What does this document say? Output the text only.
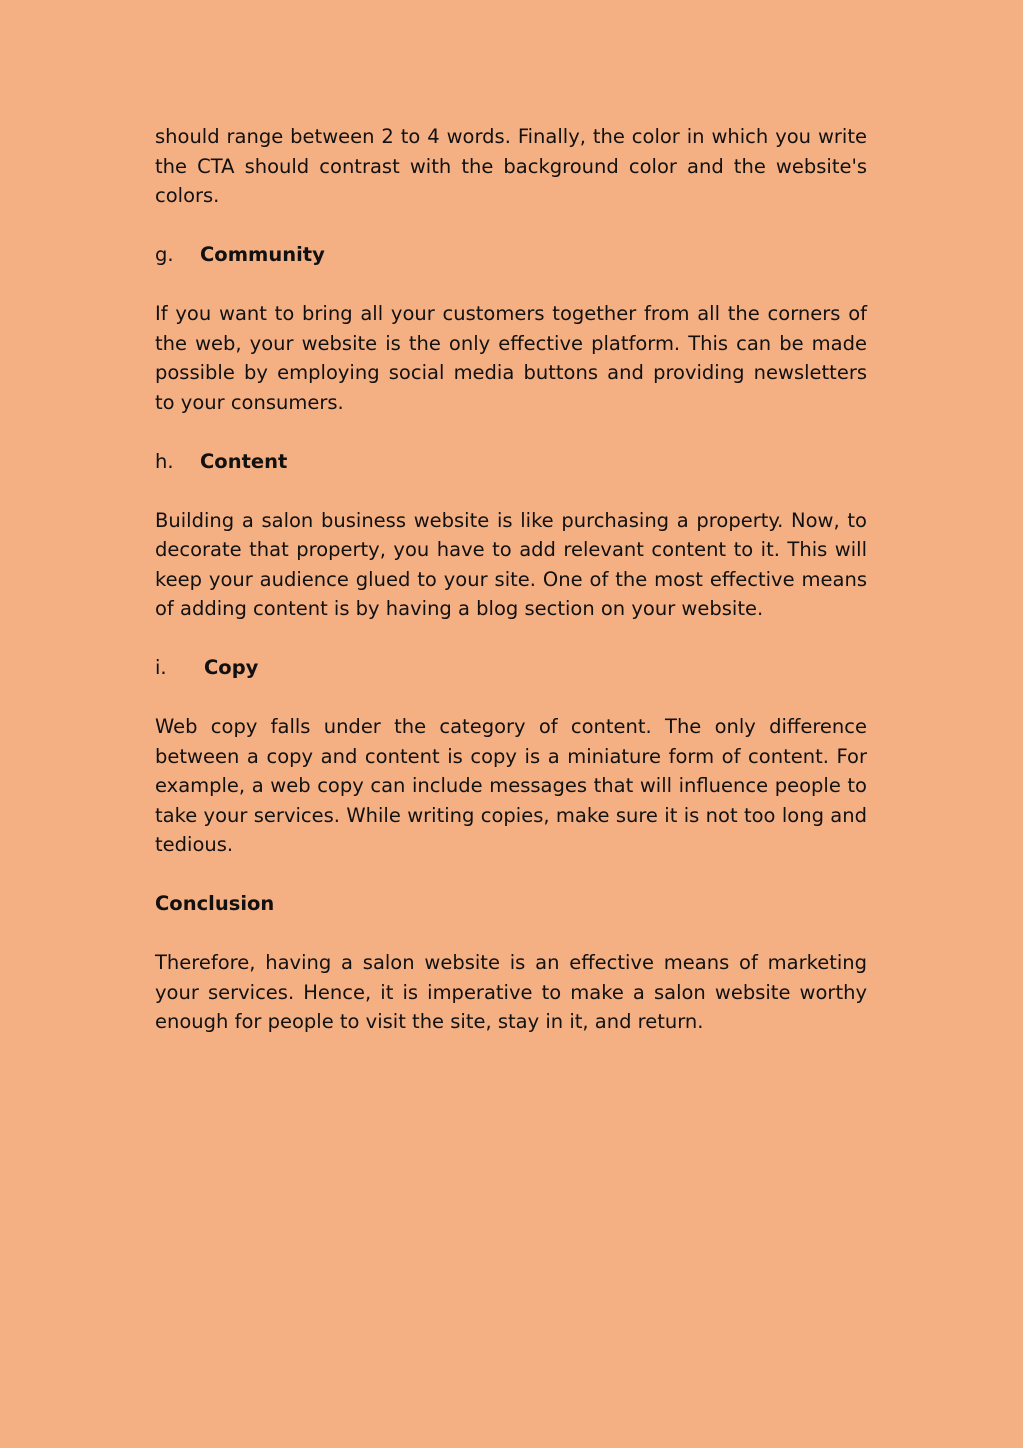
should range between 2 to 4 words. Finally, the color in which you write the CTA should contrast with the background color and the website's colors.

g.	Community

If you want to bring all your customers together from all the corners of the web, your website is the only effective platform. This can be made possible by employing social media buttons and providing newsletters to your consumers.

h.	Content

Building a salon business website is like purchasing a property. Now, to decorate that property, you have to add relevant content to it. This will keep your audience glued to your site. One of the most effective means of adding content is by having a blog section on your website.

i.	Copy

Web copy falls under the category of content. The only difference between a copy and content is copy is a miniature form of content. For example, a web copy can include messages that will influence people to take your services. While writing copies, make sure it is not too long and tedious.

Conclusion

Therefore, having a salon website is an effective means of marketing your services. Hence, it is imperative to make a salon website worthy enough for people to visit the site, stay in it, and return.
